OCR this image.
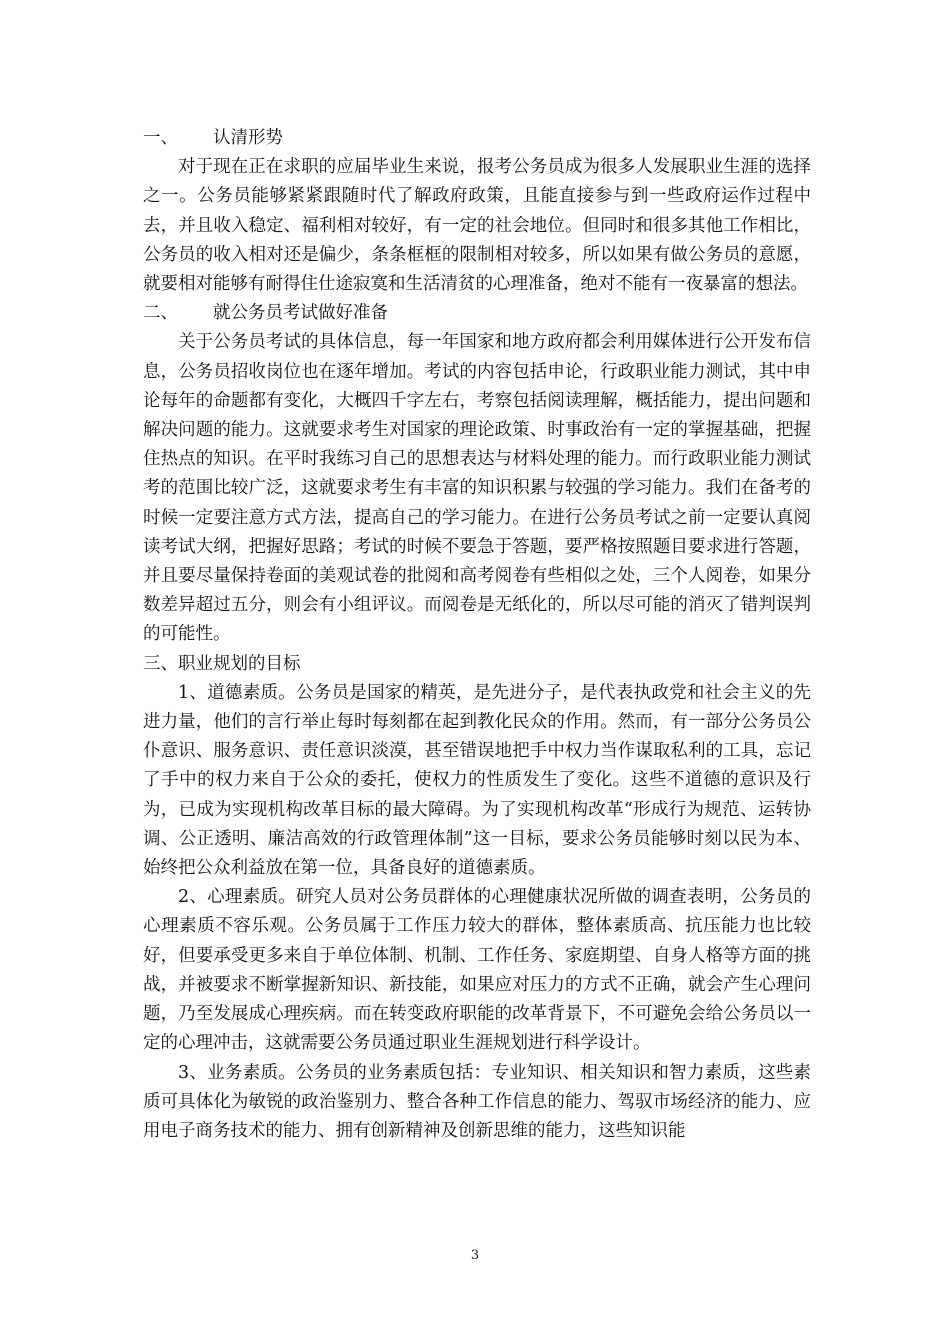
一、 认清形势

对于现在正在求职的应届毕业生来说，报考公务员成为很多人发展职业生涯的选择之一。公务员能够紧紧跟随时代了解政府政策，且能直接参与到一些政府运作过程中去，并且收入稳定、福利相对较好，有一定的社会地位。但同时和很多其他工作相比，公务员的收入相对还是偏少，条条框框的限制相对较多，所以如果有做公务员的意愿，就要相对能够有耐得住仕途寂寞和生活清贫的心理准备，绝对不能有一夜暴富的想法。

二、 就公务员考试做好准备

关于公务员考试的具体信息，每一年国家和地方政府都会利用媒体进行公开发布信息，公务员招收岗位也在逐年增加。考试的内容包括申论，行政职业能力测试，其中申论每年的命题都有变化，大概四千字左右，考察包括阅读理解，概括能力，提出问题和解决问题的能力。这就要求考生对国家的理论政策、时事政治有一定的掌握基础，把握住热点的知识。在平时我练习自己的思想表达与材料处理的能力。而行政职业能力测试考的范围比较广泛，这就要求考生有丰富的知识积累与较强的学习能力。我们在备考的时候一定要注意方式方法，提高自己的学习能力。在进行公务员考试之前一定要认真阅读考试大纲，把握好思路；考试的时候不要急于答题，要严格按照题目要求进行答题，并且要尽量保持卷面的美观试卷的批阅和高考阅卷有些相似之处，三个人阅卷，如果分数差异超过五分，则会有小组评议。而阅卷是无纸化的，所以尽可能的消灭了错判误判的可能性。

三、职业规划的目标

1、道德素质。公务员是国家的精英，是先进分子，是代表执政党和社会主义的先进力量，他们的言行举止每时每刻都在起到教化民众的作用。然而，有一部分公务员公仆意识、服务意识、责任意识淡漠，甚至错误地把手中权力当作谋取私利的工具，忘记了手中的权力来自于公众的委托，使权力的性质发生了变化。这些不道德的意识及行为，已成为实现机构改革目标的最大障碍。为了实现机构改革“形成行为规范、运转协调、公正透明、廉洁高效的行政管理体制”这一目标，要求公务员能够时刻以民为本、始终把公众利益放在第一位，具备良好的道德素质。

2、心理素质。研究人员对公务员群体的心理健康状况所做的调查表明，公务员的心理素质不容乐观。公务员属于工作压力较大的群体，整体素质高、抗压能力也比较好，但要承受更多来自于单位体制、机制、工作任务、家庭期望、自身人格等方面的挑战，并被要求不断掌握新知识、新技能，如果应对压力的方式不正确，就会产生心理问题，乃至发展成心理疾病。而在转变政府职能的改革背景下，不可避免会给公务员以一定的心理冲击，这就需要公务员通过职业生涯规划进行科学设计。

3、业务素质。公务员的业务素质包括：专业知识、相关知识和智力素质，这些素质可具体化为敏锐的政治鉴别力、整合各种工作信息的能力、驾驭市场经济的能力、应用电子商务技术的能力、拥有创新精神及创新思维的能力，这些知识能

3
